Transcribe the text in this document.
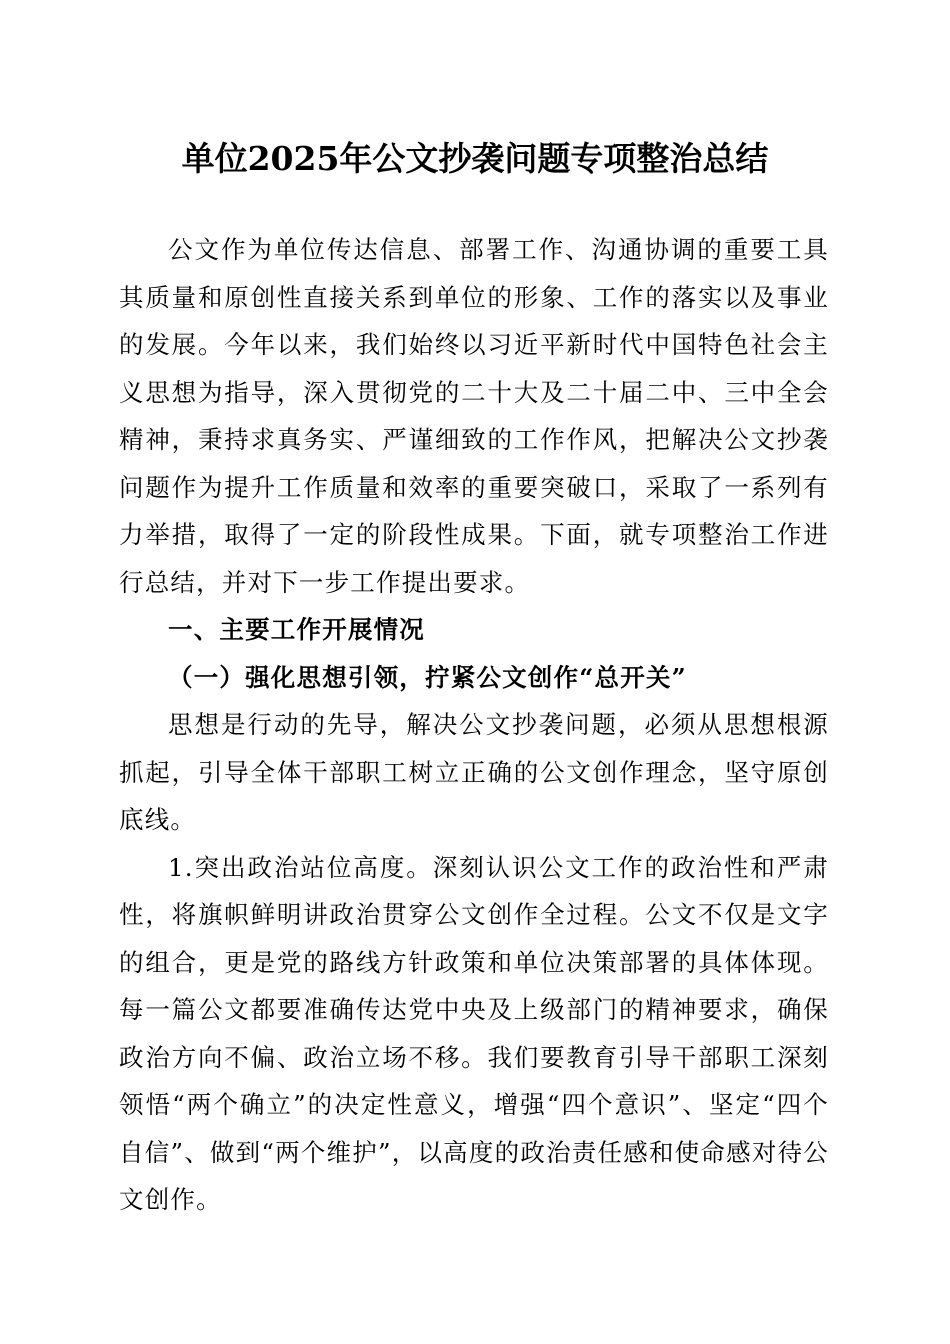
单位2025年公文抄袭问题专项整治总结

公文作为单位传达信息、部署工作、沟通协调的重要工具其质量和原创性直接关系到单位的形象、工作的落实以及事业的发展。今年以来，我们始终以习近平新时代中国特色社会主义思想为指导，深入贯彻党的二十大及二十届二中、三中全会精神，秉持求真务实、严谨细致的工作作风，把解决公文抄袭问题作为提升工作质量和效率的重要突破口，采取了一系列有力举措，取得了一定的阶段性成果。下面，就专项整治工作进行总结，并对下一步工作提出要求。

一、主要工作开展情况

（一）强化思想引领，拧紧公文创作“总开关”

思想是行动的先导，解决公文抄袭问题，必须从思想根源抓起，引导全体干部职工树立正确的公文创作理念，坚守原创底线。

1.突出政治站位高度。深刻认识公文工作的政治性和严肃性，将旗帜鲜明讲政治贯穿公文创作全过程。公文不仅是文字的组合，更是党的路线方针政策和单位决策部署的具体体现。每一篇公文都要准确传达党中央及上级部门的精神要求，确保政治方向不偏、政治立场不移。我们要教育引导干部职工深刻领悟“两个确立”的决定性意义，增强“四个意识”、坚定“四个自信”、做到“两个维护”，以高度的政治责任感和使命感对待公文创作。
